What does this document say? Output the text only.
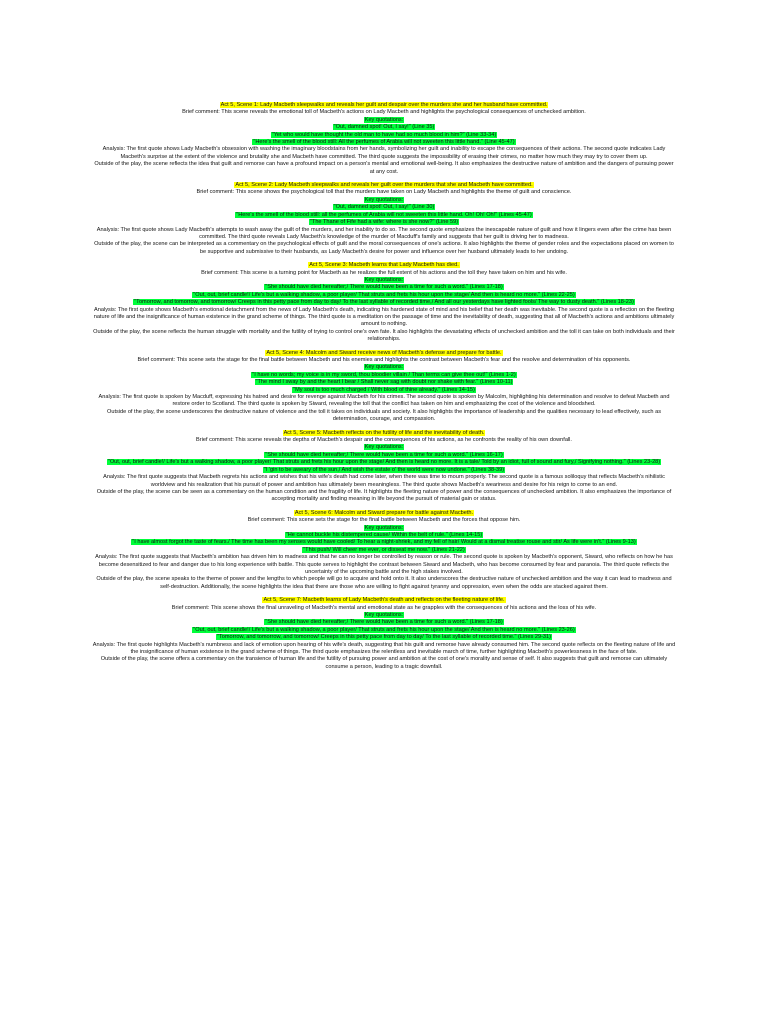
Act 5, Scene 1: Lady Macbeth sleepwalks and reveals her guilt and despair over the murders she and her husband have committed.
Brief comment: This scene reveals the emotional toll of Macbeth's actions on Lady Macbeth and highlights the psychological consequences of unchecked ambition.
Key quotations:
"Out, damned spot! Out, I say!" (Line 35)
"Yet who would have thought the old man to have had so much blood in him?" (Line 33-34)
"Here's the smell of the blood still: All the perfumes of Arabia will not sweeten this little hand." (Line 45-47)
Analysis: The first quote shows Lady Macbeth's obsession with washing the imaginary bloodstains from her hands, symbolizing her guilt and inability to escape the consequences of their actions. The second quote indicates Lady Macbeth's surprise at the extent of the violence and brutality she and Macbeth have committed. The third quote suggests the impossibility of erasing their crimes, no matter how much they may try to cover them up.
Outside of the play, the scene reflects the idea that guilt and remorse can have a profound impact on a person's mental and emotional well-being. It also emphasizes the destructive nature of ambition and the dangers of pursuing power at any cost.
Act 5, Scene 2: Lady Macbeth sleepwalks and reveals her guilt over the murders that she and Macbeth have committed.
Brief comment: This scene shows the psychological toll that the murders have taken on Lady Macbeth and highlights the theme of guilt and conscience.
Key quotations:
"Out, damned spot! Out, I say!" (Line 30)
"Here's the smell of the blood still: all the perfumes of Arabia will not sweeten this little hand. Oh! Oh! Oh!" (Lines 45-47)
"The Thane of Fife had a wife: where is she now?" (Line 59)
Analysis: The first quote shows Lady Macbeth's attempts to wash away the guilt of the murders, and her inability to do so. The second quote emphasizes the inescapable nature of guilt and how it lingers even after the crime has been committed. The third quote reveals Lady Macbeth's knowledge of the murder of Macduff's family and suggests that her guilt is driving her to madness.
Outside of the play, the scene can be interpreted as a commentary on the psychological effects of guilt and the moral consequences of one's actions. It also highlights the theme of gender roles and the expectations placed on women to be supportive and submissive to their husbands, as Lady Macbeth's desire for power and influence over her husband ultimately leads to her undoing.
Act 5, Scene 3: Macbeth learns that Lady Macbeth has died.
Brief comment: This scene is a turning point for Macbeth as he realizes the full extent of his actions and the toll they have taken on him and his wife.
Key quotations:
"She should have died hereafter;/ There would have been a time for such a word." (Lines 17-18)
"Out, out, brief candle!/ Life's but a walking shadow, a poor player/ That struts and frets his hour upon the stage/ And then is heard no more." (Lines 22-25)
"Tomorrow, and tomorrow, and tomorrow/ Creeps in this petty pace from day to day/ To the last syllable of recorded time,/ And all our yesterdays have lighted fools/ The way to dusty death." (Lines 18-23)
Analysis: The first quote shows Macbeth's emotional detachment from the news of Lady Macbeth's death, indicating his hardened state of mind and his belief that her death was inevitable. The second quote is a reflection on the fleeting nature of life and the insignificance of human existence in the grand scheme of things. The third quote is a meditation on the passage of time and the inevitability of death, suggesting that all of Macbeth's actions and ambitions ultimately amount to nothing.
Outside of the play, the scene reflects the human struggle with mortality and the futility of trying to control one's own fate. It also highlights the devastating effects of unchecked ambition and the toll it can take on both individuals and their relationships.
Act 5, Scene 4: Malcolm and Siward receive news of Macbeth's defense and prepare for battle.
Brief comment: This scene sets the stage for the final battle between Macbeth and his enemies and highlights the contrast between Macbeth's fear and the resolve and determination of his opponents.
Key quotations:
"I have no words; my voice is in my sword, thou bloodier villain / Than terms can give thee out!" (Lines 1-2)
"The mind I sway by and the heart I bear / Shall never sag with doubt nor shake with fear." (Lines 10-11)
"My soul is too much charged / With blood of thine already." (Lines 14-15)
Analysis: The first quote is spoken by Macduff, expressing his hatred and desire for revenge against Macbeth for his crimes. The second quote is spoken by Malcolm, highlighting his determination and resolve to defeat Macbeth and restore order to Scotland. The third quote is spoken by Siward, revealing the toll that the conflict has taken on him and emphasizing the cost of the violence and bloodshed.
Outside of the play, the scene underscores the destructive nature of violence and the toll it takes on individuals and society. It also highlights the importance of leadership and the qualities necessary to lead effectively, such as determination, courage, and compassion.
Act 5, Scene 5: Macbeth reflects on the futility of life and the inevitability of death.
Brief comment: This scene reveals the depths of Macbeth's despair and the consequences of his actions, as he confronts the reality of his own downfall.
Key quotations:
"She should have died hereafter;/ There would have been a time for such a word." (Lines 16-17)
"Out, out, brief candle!/ Life's but a walking shadow, a poor player/ That struts and frets his hour upon the stage/ And then is heard no more. It is a tale/ Told by an idiot, full of sound and fury,/ Signifying nothing." (Lines 23-28)
"I 'gin to be aweary of the sun,/ And wish the estate o' the world were now undone." (Lines 38-39)
Analysis: The first quote suggests that Macbeth regrets his actions and wishes that his wife's death had come later, when there was time to mourn properly. The second quote is a famous soliloquy that reflects Macbeth's nihilistic worldview and his realization that his pursuit of power and ambition has ultimately been meaningless. The third quote shows Macbeth's weariness and desire for his reign to come to an end.
Outside of the play, the scene can be seen as a commentary on the human condition and the fragility of life. It highlights the fleeting nature of power and the consequences of unchecked ambition. It also emphasizes the importance of accepting mortality and finding meaning in life beyond the pursuit of material gain or status.
Act 5, Scene 6: Malcolm and Siward prepare for battle against Macbeth.
Brief comment: This scene sets the stage for the final battle between Macbeth and the forces that oppose him.
Key quotations:
"He cannot buckle his distempered cause/ Within the belt of rule." (Lines 14-15)
"I have almost forgot the taste of fears./ The time has been my senses would have cooled/ To hear a night-shriek, and my fell of hair/ Would at a dismal treatise rouse and stir/ As life were in't." (Lines 9-13)
"This push/ Will cheer me ever, or disseat me now." (Lines 21-22)
Analysis: The first quote suggests that Macbeth's ambition has driven him to madness and that he can no longer be controlled by reason or rule. The second quote is spoken by Macbeth's opponent, Siward, who reflects on how he has become desensitized to fear and danger due to his long experience with battle. This quote serves to highlight the contrast between Siward and Macbeth, who has become consumed by fear and paranoia. The third quote reflects the uncertainty of the upcoming battle and the high stakes involved.
Outside of the play, the scene speaks to the theme of power and the lengths to which people will go to acquire and hold onto it. It also underscores the destructive nature of unchecked ambition and the way it can lead to madness and self-destruction. Additionally, the scene highlights the idea that there are those who are willing to fight against tyranny and oppression, even when the odds are stacked against them.
Act 5, Scene 7: Macbeth learns of Lady Macbeth's death and reflects on the fleeting nature of life.
Brief comment: This scene shows the final unraveling of Macbeth's mental and emotional state as he grapples with the consequences of his actions and the loss of his wife.
Key quotations:
"She should have died hereafter;/ There would have been a time for such a word." (Lines 17-18)
"Out, out, brief candle!/ Life's but a walking shadow, a poor player/ That struts and frets his hour upon the stage/ And then is heard no more." (Lines 23-26)
"Tomorrow, and tomorrow, and tomorrow/ Creeps in this petty pace from day to day/ To the last syllable of recorded time." (Lines 29-31)
Analysis: The first quote highlights Macbeth's numbness and lack of emotion upon hearing of his wife's death, suggesting that his guilt and remorse have already consumed him. The second quote reflects on the fleeting nature of life and the insignificance of human existence in the grand scheme of things. The third quote emphasizes the relentless and inevitable march of time, further highlighting Macbeth's powerlessness in the face of fate.
Outside of the play, the scene offers a commentary on the transience of human life and the futility of pursuing power and ambition at the cost of one's morality and sense of self. It also suggests that guilt and remorse can ultimately consume a person, leading to a tragic downfall.
